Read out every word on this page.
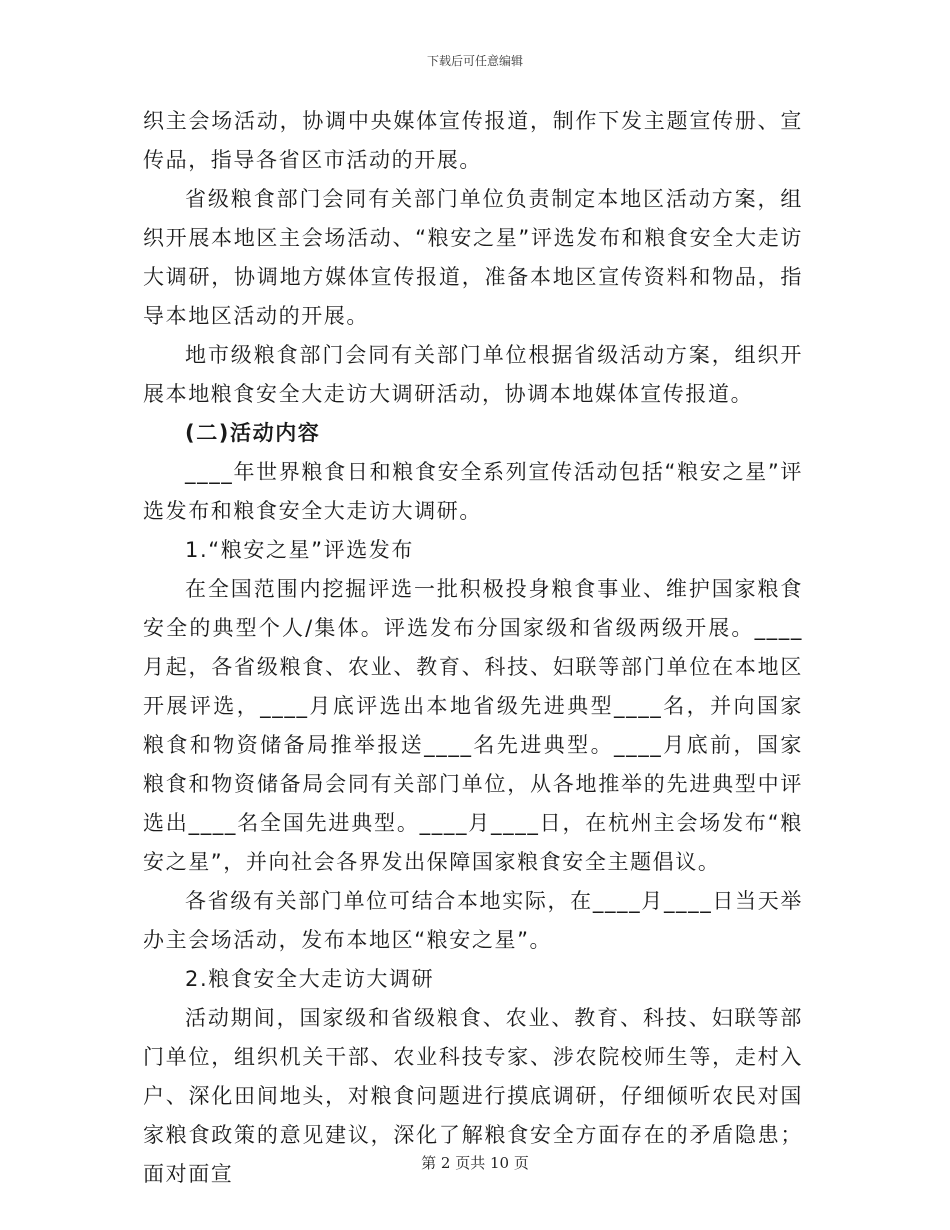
下载后可任意编辑

织主会场活动，协调中央媒体宣传报道，制作下发主题宣传册、宣传品，指导各省区市活动的开展。

省级粮食部门会同有关部门单位负责制定本地区活动方案，组织开展本地区主会场活动、“粮安之星”评选发布和粮食安全大走访大调研，协调地方媒体宣传报道，准备本地区宣传资料和物品，指导本地区活动的开展。

地市级粮食部门会同有关部门单位根据省级活动方案，组织开展本地粮食安全大走访大调研活动，协调本地媒体宣传报道。

(二)活动内容

____年世界粮食日和粮食安全系列宣传活动包括“粮安之星”评选发布和粮食安全大走访大调研。

1.“粮安之星”评选发布

在全国范围内挖掘评选一批积极投身粮食事业、维护国家粮食安全的典型个人/集体。评选发布分国家级和省级两级开展。____月起，各省级粮食、农业、教育、科技、妇联等部门单位在本地区开展评选，____月底评选出本地省级先进典型____名，并向国家粮食和物资储备局推举报送____名先进典型。____月底前，国家粮食和物资储备局会同有关部门单位，从各地推举的先进典型中评选出____名全国先进典型。____月____日，在杭州主会场发布“粮安之星”，并向社会各界发出保障国家粮食安全主题倡议。

各省级有关部门单位可结合本地实际，在____月____日当天举办主会场活动，发布本地区“粮安之星”。

2.粮食安全大走访大调研

活动期间，国家级和省级粮食、农业、教育、科技、妇联等部门单位，组织机关干部、农业科技专家、涉农院校师生等，走村入户、深化田间地头，对粮食问题进行摸底调研，仔细倾听农民对国家粮食政策的意见建议，深化了解粮食安全方面存在的矛盾隐患；面对面宣	第 2 页共 10 页
